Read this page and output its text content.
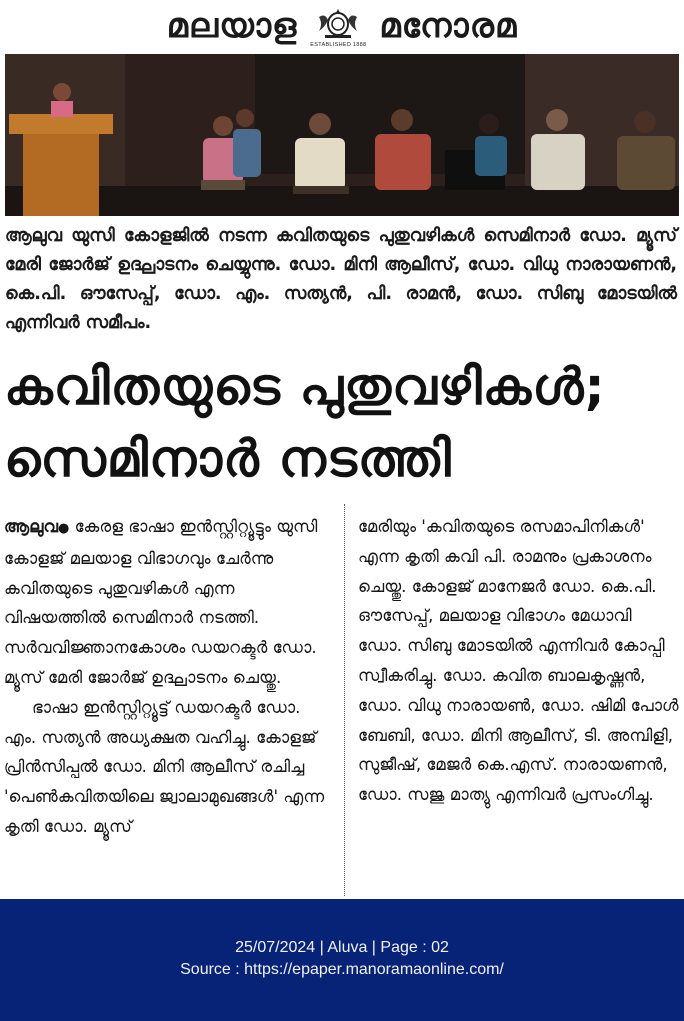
മലയാള ESTABLISHED 1888 മനോരമ

ആലുവ യുസി കോളജിൽ നടന്ന കവിതയുടെ പുതുവഴികൾ സെമിനാർ ഡോ. മ്യൂസ് മേരി ജോർജ് ഉദ്ഘാടനം ചെയ്യുന്നു. ഡോ. മിനി ആലീസ്, ഡോ. വിധു നാരായണൻ, കെ.പി. ഔസേപ്പ്, ഡോ. എം. സത്യൻ, പി. രാമൻ, ഡോ. സിബു മോടയിൽ എന്നിവർ സമീപം.

കവിതയുടെ പുതുവഴികൾ;
സെമിനാർ നടത്തി
ആലുവ● കേരള ഭാഷാ ഇൻസ്റ്റിറ്റ്യൂട്ടും യുസി കോളജ് മലയാള വിഭാഗവും ചേർന്നു കവിതയുടെ പുതുവഴികൾ എന്ന വിഷയത്തിൽ സെമിനാർ നടത്തി. സർവവിജ്ഞാനകോശം ഡയറക്ടർ ഡോ. മ്യൂസ് മേരി ജോർജ് ഉദ്ഘാടനം ചെയ്തു.
ഭാഷാ ഇൻസ്റ്റിറ്റ്യൂട്ട് ഡയറക്ടർ ഡോ. എം. സത്യൻ അധ്യക്ഷത വഹിച്ചു. കോളജ് പ്രിൻസിപ്പൽ ഡോ. മിനി ആലീസ് രചിച്ച 'പെൺകവിതയിലെ ജ്വാലാമുഖങ്ങൾ' എന്ന കൃതി ഡോ. മ്യൂസ്
മേരിയും 'കവിതയുടെ രസമാപിനികൾ' എന്ന കൃതി കവി പി. രാമനും പ്രകാശനം ചെയ്തു. കോളജ് മാനേജർ ഡോ. കെ.പി. ഔസേപ്പ്, മലയാള വിഭാഗം മേധാവി ഡോ. സിബു മോടയിൽ എന്നിവർ കോപ്പി സ്വീകരിച്ചു. ഡോ. കവിത ബാലകൃഷ്ണൻ, ഡോ. വിധു നാരായൺ, ഡോ. ഷിമി പോൾ ബേബി, ഡോ. മിനി ആലീസ്, ടി. അമ്പിളി, സുജീഷ്, മേജർ കെ.എസ്. നാരായണൻ, ഡോ. സജു മാത്യു എന്നിവർ പ്രസംഗിച്ചു.
25/07/2024 | Aluva | Page : 02
Source : https://epaper.manoramaonline.com/
